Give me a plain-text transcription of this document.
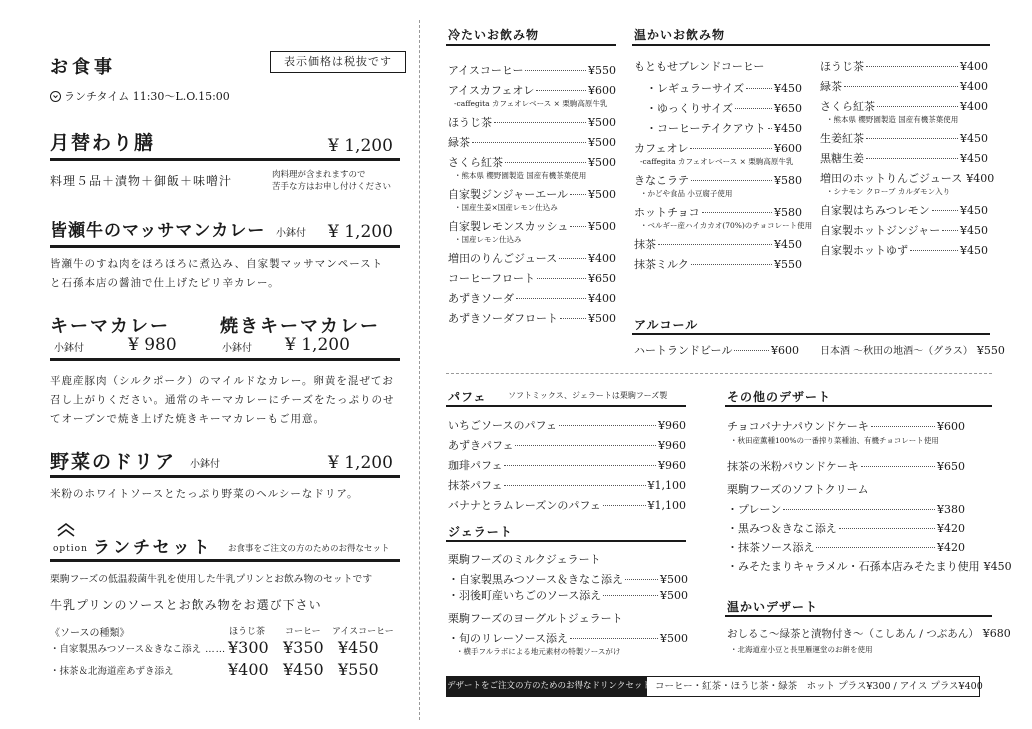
お食事	表示価格は税抜です
ランチタイム 11:30～L.O.15:00
月替わり膳	¥ 1,200
料理５品＋漬物＋御飯＋味噌汁	肉料理が含まれますので
苦手な方はお申し付けください
皆瀬牛のマッサマンカレー 小鉢付 ¥ 1,200
皆瀬牛のすね肉をほろほろに煮込み、自家製マッサマンペースト
と石孫本店の醤油で仕上げたピリ辛カレー。
キーマカレー	焼きキーマカレー
小鉢付	¥ 980	小鉢付 ¥ 1,200
平鹿産豚肉（シルクポーク）のマイルドなカレー。卵黄を混ぜてお
召し上がりください。通常のキーマカレーにチーズをたっぷりのせ
てオーブンで焼き上げた焼きキーマカレーもご用意。
野菜のドリア 小鉢付	¥ 1,200
米粉のホワイトソースとたっぷり野菜のヘルシーなドリア。
option ランチセット お食事をご注文の方のためのお得なセット
栗駒フーズの低温殺菌牛乳を使用した牛乳プリンとお飲み物のセットです
牛乳プリンのソースとお飲み物をお選び下さい
《ソースの種類》	ほうじ茶 コーヒー アイスコーヒー
・自家製黒みつソース＆きなこ添え …… ¥300 ¥350 ¥450
・抹茶＆北海道産あずき添え	¥400 ¥450 ¥550
冷たいお飲み物
アイスコーヒー	¥550
アイスカフェオレ	¥600
-caffegita カフェオレベース × 栗駒高原牛乳
ほうじ茶	¥500
緑茶	¥500
さくら紅茶	¥500
・熊本県 櫻野園製造 国産有機茶葉使用
自家製ジンジャーエール ¥500
・国産生姜×国産レモン仕込み
自家製レモンスカッシュ ¥500
・国産レモン仕込み
増田のりんごジュース	¥400
コーヒーフロート	¥650
あずきソーダ	¥400
あずきソーダフロート	¥500
温かいお飲み物
もともせブレンドコーヒー
・レギュラーサイズ	¥450
・ゆっくりサイズ	¥650
・コーヒーテイクアウト ¥450
カフェオレ	¥600
-caffegita カフェオレベース × 栗駒高原牛乳
きなこラテ	¥580
・かどや食品 小豆腐子使用
ホットチョコ	¥580
・ベルギー産ハイカカオ(70%)のチョコレート使用
抹茶	¥450
抹茶ミルク	¥550
ほうじ茶	¥400
緑茶	¥400
さくら紅茶	¥400
・熊本県 櫻野園製造 国産有機茶葉使用
生姜紅茶	¥450
黒糖生姜	¥450
増田のホットりんごジュース ¥400
・シナモン クローブ カルダモン入り
自家製はちみつレモン	¥450
自家製ホットジンジャー ¥450
自家製ホットゆず	¥450
アルコール
ハートランドビール	¥600 日本酒 ～秋田の地酒～（グラス） ¥550
パフェ	ソフトミックス、ジェラートは栗駒フーズ製
いちごソースのパフェ	¥960
あずきパフェ	¥960
珈琲パフェ	¥960
抹茶パフェ	¥1,100
バナナとラムレーズンのパフェ	¥1,100
ジェラート
栗駒フーズのミルクジェラート
・自家製黒みつソース＆きなこ添え	¥500
・羽後町産いちごのソース添え	¥500
栗駒フーズのヨーグルトジェラート
・旬のリレーソース添え	¥500
・横手フルラボによる地元素材の特製ソースがけ
その他のデザート
チョコバナナパウンドケーキ	¥600
・秋田産薫種100%の一番搾り菜種油、有機チョコレート使用
抹茶の米粉パウンドケーキ	¥650
栗駒フーズのソフトクリーム
・プレーン	¥380
・黒みつ＆きなこ添え	¥420
・抹茶ソース添え	¥420
・みそたまりキャラメル・石孫本店みそたまり使用 ¥450
温かいデザート
おしるこ～緑茶と漬物付き～（こしあん / つぶあん） ¥680
・北海道産小豆と長里雁運堂のお餅を使用
デザートをご注文の方のためのお得なドリンクセット コーヒー・紅茶・ほうじ茶・緑茶　ホット プラス¥300 / アイス プラス¥400
